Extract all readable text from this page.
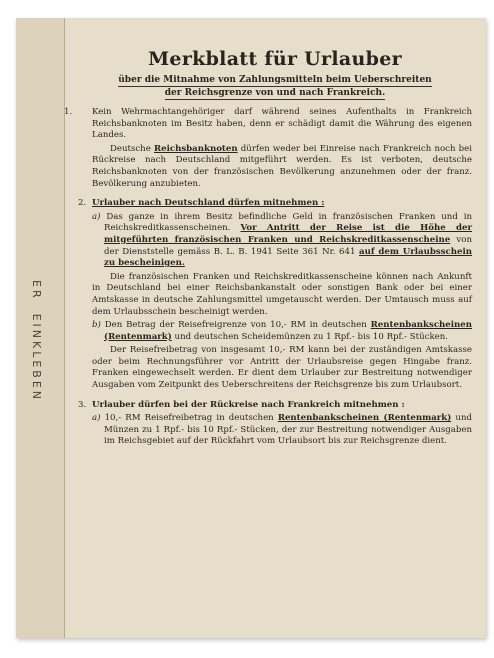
ER  EINKLEBEN
Merkblatt für Urlauber
über die Mitnahme von Zahlungsmitteln beim Ueberschreiten
der Reichsgrenze von und nach Frankreich.

1. Kein Wehrmachtangehöriger darf während seines Aufenthalts in Frankreich Reichsbanknoten im Besitz haben, denn er schädigt damit die Währung des eigenen Landes.

Deutsche Reichsbanknoten dürfen weder bei Einreise nach Frankreich noch bei Rückreise nach Deutschland mitgeführt werden. Es ist verboten, deutsche Reichsbanknoten von der französischen Bevölkerung anzunehmen oder der franz. Bevölkerung anzubieten.

2. Urlauber nach Deutschland dürfen mitnehmen :

a) Das ganze in ihrem Besitz befindliche Geld in französischen Franken und in Reichskreditkassenscheinen. Vor Antritt der Reise ist die Höhe der mitgeführten französischen Franken und Reichskreditkassenscheine von der Dienststelle gemäss B. L. B. 1941 Seite 361 Nr. 641 auf dem Urlaubsschein zu bescheinigen.

Die französischen Franken und Reichskreditkassenscheine können nach Ankunft in Deutschland bei einer Reichsbankanstalt oder sonstigen Bank oder bei einer Amtskasse in deutsche Zahlungsmittel umgetauscht werden. Der Umtausch muss auf dem Urlaubsschein bescheinigt werden.

b) Den Betrag der Reisefreigrenze von 10,- RM in deutschen Rentenbankscheinen (Rentenmark) und deutschen Scheidemünzen zu 1 Rpf.- bis 10 Rpf.- Stücken.

Der Reisefreibetrag von insgesamt 10,- RM kann bei der zuständigen Amtskasse oder beim Rechnungsführer vor Antritt der Urlaubsreise gegen Hingabe franz. Franken eingewechselt werden. Er dient dem Urlauber zur Bestreitung notwendiger Ausgaben vom Zeitpunkt des Ueberschreitens der Reichsgrenze bis zum Urlaubsort.

3. Urlauber dürfen bei der Rückreise nach Frankreich mitnehmen :

a) 10,- RM Reisefreibetrag in deutschen Rentenbankscheinen (Rentenmark) und Münzen zu 1 Rpf.- bis 10 Rpf.- Stücken, der zur Bestreitung notwendiger Ausgaben im Reichsgebiet auf der Rückfahrt vom Urlaubsort bis zur Reichsgrenze dient.
